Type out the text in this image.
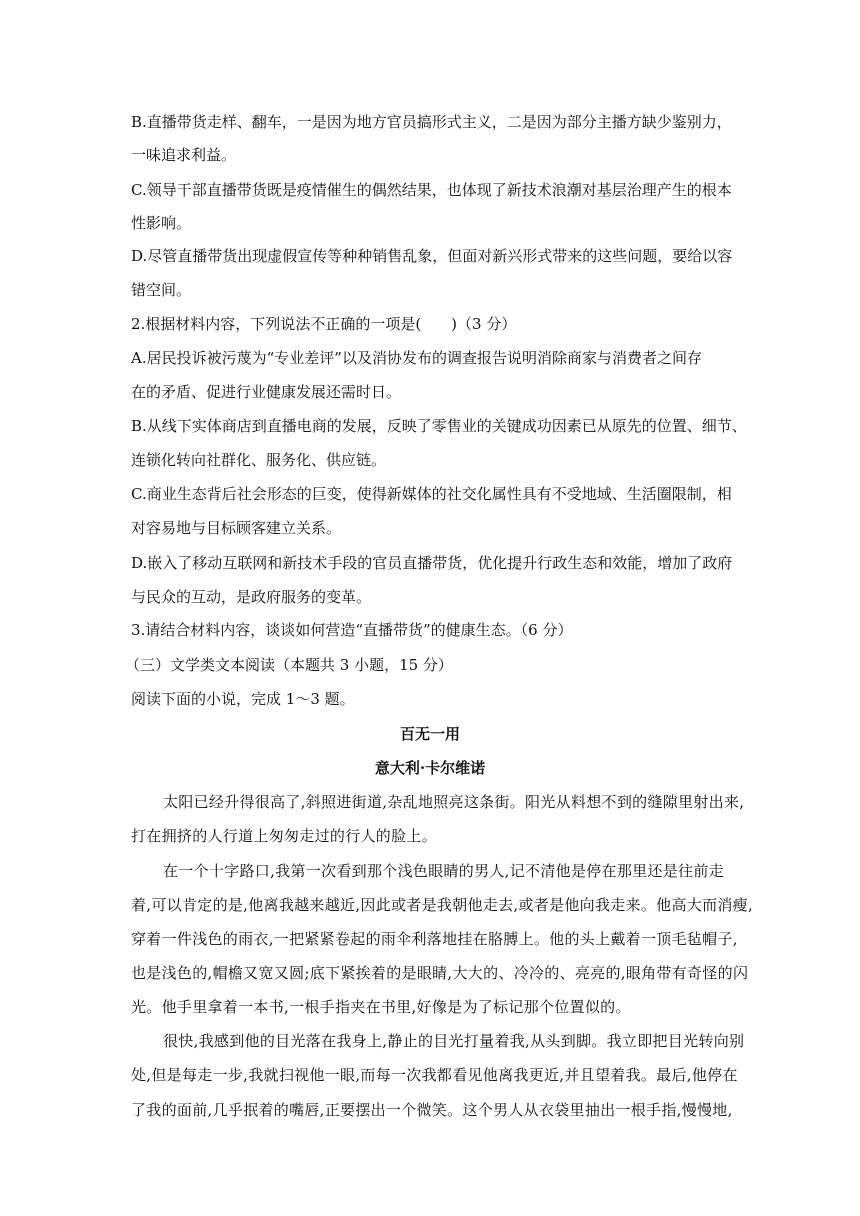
B.直播带货走样、翻车，一是因为地方官员搞形式主义，二是因为部分主播方缺少鉴别力，
一味追求利益。
C.领导干部直播带货既是疫情催生的偶然结果，也体现了新技术浪潮对基层治理产生的根本
性影响。
D.尽管直播带货出现虚假宣传等种种销售乱象，但面对新兴形式带来的这些问题，要给以容
错空间。
2.根据材料内容，下列说法不正确的一项是(　　)（3 分）
A.居民投诉被污蔑为“专业差评”以及消协发布的调查报告说明消除商家与消费者之间存
在的矛盾、促进行业健康发展还需时日。
B.从线下实体商店到直播电商的发展，反映了零售业的关键成功因素已从原先的位置、细节、
连锁化转向社群化、服务化、供应链。
C.商业生态背后社会形态的巨变，使得新媒体的社交化属性具有不受地域、生活圈限制，相
对容易地与目标顾客建立关系。
D.嵌入了移动互联网和新技术手段的官员直播带货，优化提升行政生态和效能，增加了政府
与民众的互动，是政府服务的变革。
3.请结合材料内容，谈谈如何营造“直播带货”的健康生态。（6 分）
（三）文学类文本阅读（本题共 3 小题，15 分）
阅读下面的小说，完成 1～3 题。
百无一用
意大利·卡尔维诺
太阳已经升得很高了,斜照进街道,杂乱地照亮这条街。阳光从料想不到的缝隙里射出来,
打在拥挤的人行道上匆匆走过的行人的脸上。
在一个十字路口,我第一次看到那个浅色眼睛的男人,记不清他是停在那里还是往前走
着,可以肯定的是,他离我越来越近,因此或者是我朝他走去,或者是他向我走来。他高大而消瘦,
穿着一件浅色的雨衣,一把紧紧卷起的雨伞利落地挂在胳膊上。他的头上戴着一顶毛毡帽子,
也是浅色的,帽檐又宽又圆;底下紧挨着的是眼睛,大大的、冷冷的、亮亮的,眼角带有奇怪的闪
光。他手里拿着一本书,一根手指夹在书里,好像是为了标记那个位置似的。
很快,我感到他的目光落在我身上,静止的目光打量着我,从头到脚。我立即把目光转向别
处,但是每走一步,我就扫视他一眼,而每一次我都看见他离我更近,并且望着我。最后,他停在
了我的面前,几乎抿着的嘴唇,正要摆出一个微笑。这个男人从衣袋里抽出一根手指,慢慢地,
